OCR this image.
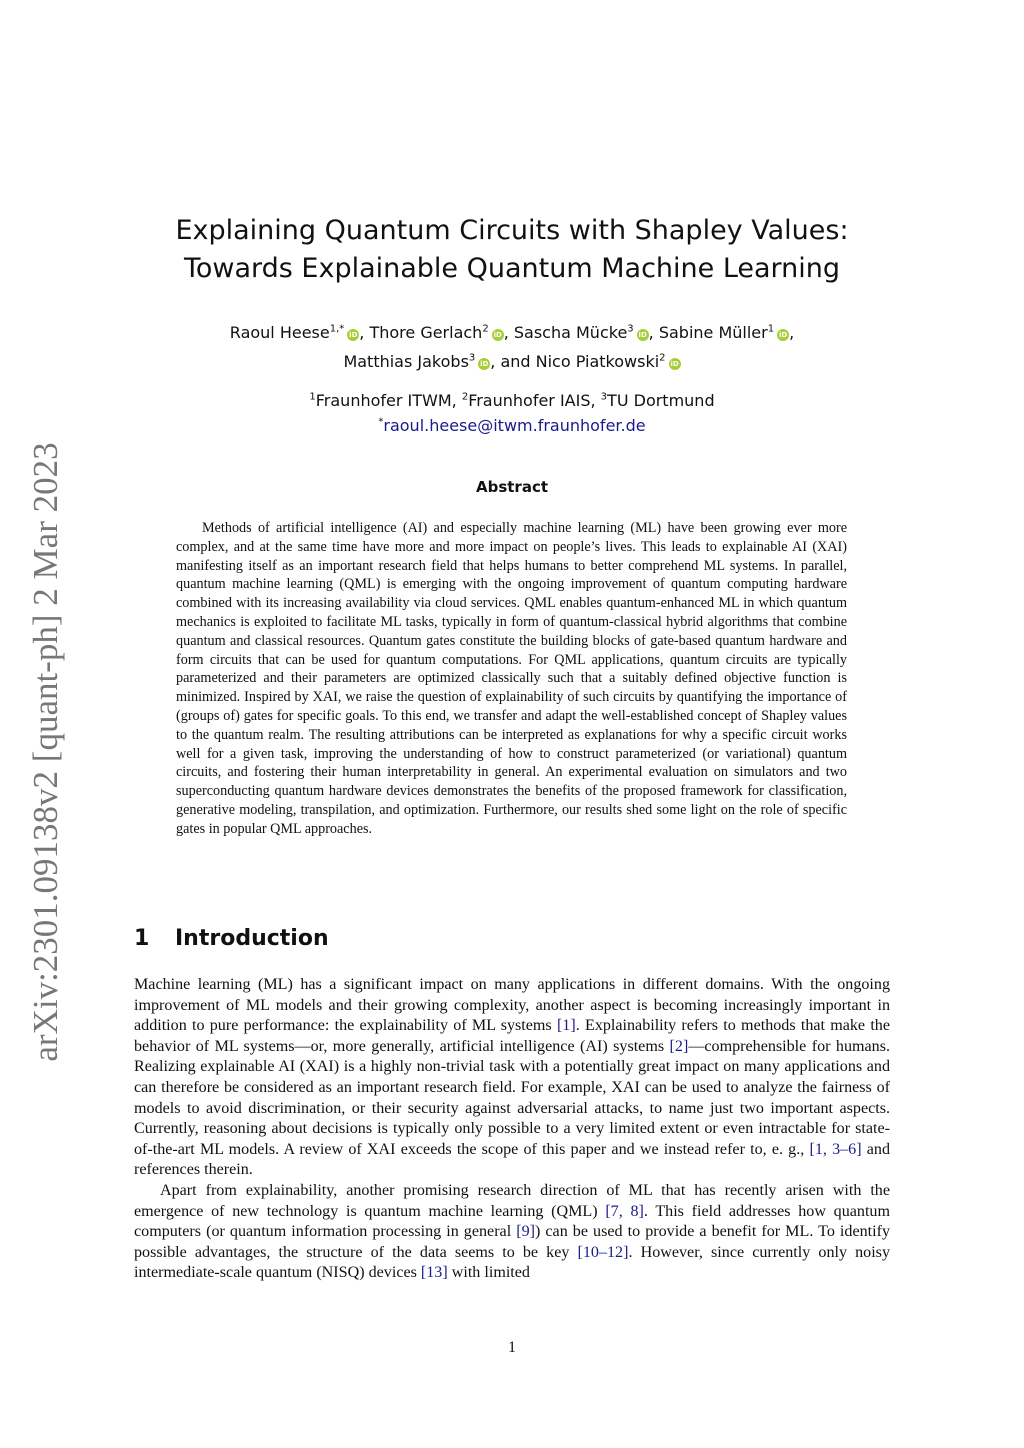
arXiv:2301.09138v2 [quant-ph] 2 Mar 2023
Explaining Quantum Circuits with Shapley Values:
Towards Explainable Quantum Machine Learning
Raoul Heese$^{1,*}$iD , Thore Gerlach$^2$iD , Sascha Mücke$^3$iD , Sabine Müller$^1$iD ,
Matthias Jakobs$^3$iD , and Nico Piatkowski$^2$iD
$^1$Fraunhofer ITWM, $^2$Fraunhofer IAIS, $^3$TU Dortmund
*raoul.heese@itwm.fraunhofer.de
Abstract

Methods of artificial intelligence (AI) and especially machine learning (ML) have been growing ever more complex, and at the same time have more and more impact on people’s lives. This leads to explainable AI (XAI) manifesting itself as an important research field that helps humans to better comprehend ML systems. In parallel, quantum machine learning (QML) is emerging with the ongoing improvement of quantum computing hardware combined with its increasing availability via cloud services. QML enables quantum-enhanced ML in which quantum mechanics is exploited to facilitate ML tasks, typically in form of quantum-classical hybrid algorithms that combine quantum and classical resources. Quantum gates constitute the building blocks of gate-based quantum hardware and form circuits that can be used for quantum computations. For QML applications, quantum circuits are typically parameterized and their parameters are optimized classically such that a suitably defined objective function is minimized. Inspired by XAI, we raise the question of explainability of such circuits by quantifying the importance of (groups of) gates for specific goals. To this end, we transfer and adapt the well-established concept of Shapley values to the quantum realm. The resulting attributions can be interpreted as explanations for why a specific circuit works well for a given task, improving the understanding of how to construct parameterized (or variational) quantum circuits, and fostering their human interpretability in general. An experimental evaluation on simulators and two superconducting quantum hardware devices demonstrates the benefits of the proposed framework for classification, generative modeling, transpilation, and optimization. Furthermore, our results shed some light on the role of specific gates in popular QML approaches.

1 Introduction

Machine learning (ML) has a significant impact on many applications in different domains. With the ongoing improvement of ML models and their growing complexity, another aspect is becoming increasingly important in addition to pure performance: the explainability of ML systems [1]. Explainability refers to methods that make the behavior of ML systems—or, more generally, artificial intelligence (AI) systems [2]—comprehensible for humans. Realizing explainable AI (XAI) is a highly non-trivial task with a potentially great impact on many applications and can therefore be considered as an important research field. For example, XAI can be used to analyze the fairness of models to avoid discrimination, or their security against adversarial attacks, to name just two important aspects. Currently, reasoning about decisions is typically only possible to a very limited extent or even intractable for state-of-the-art ML models. A review of XAI exceeds the scope of this paper and we instead refer to, e. g., [1, 3–6] and references therein.

Apart from explainability, another promising research direction of ML that has recently arisen with the emergence of new technology is quantum machine learning (QML) [7, 8]. This field addresses how quantum computers (or quantum information processing in general [9]) can be used to provide a benefit for ML. To identify possible advantages, the structure of the data seems to be key [10–12]. However, since currently only noisy intermediate-scale quantum (NISQ) devices [13] with limited

1
